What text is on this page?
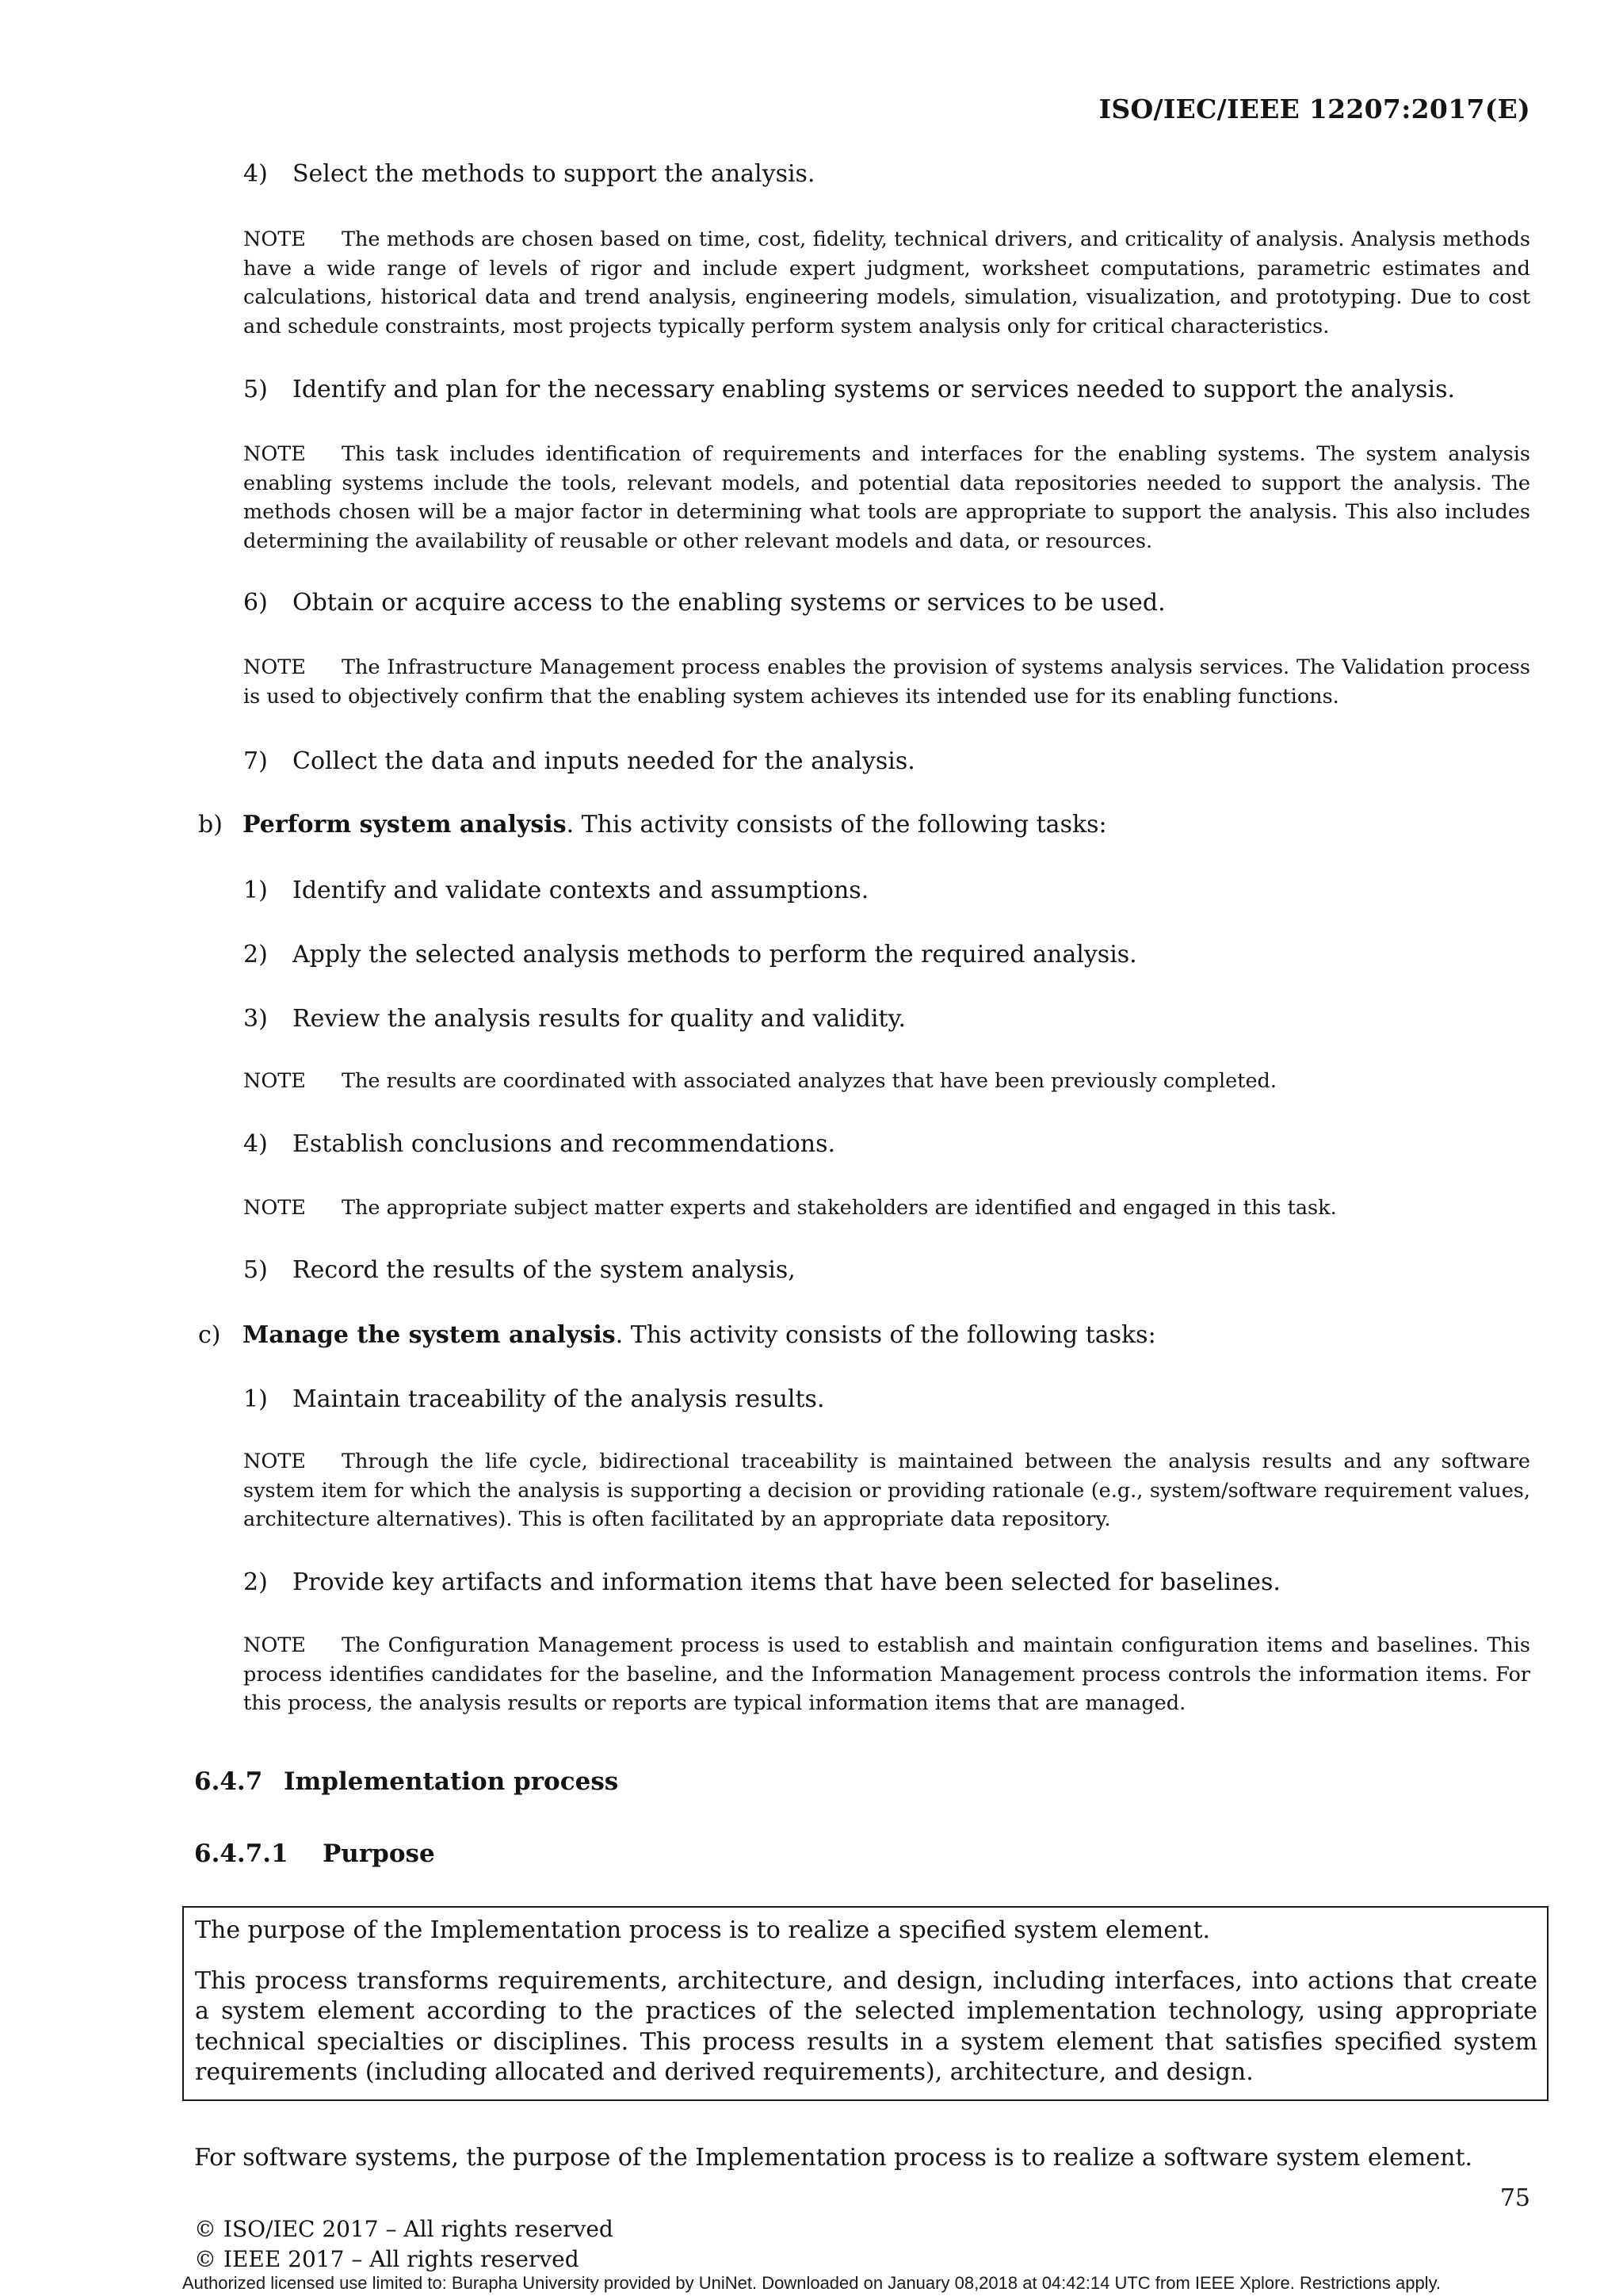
ISO/IEC/IEEE 12207:2017(E)
4) Select the methods to support the analysis.
NOTE The methods are chosen based on time, cost, fidelity, technical drivers, and criticality of analysis. Analysis methods have a wide range of levels of rigor and include expert judgment, worksheet computations, parametric estimates and calculations, historical data and trend analysis, engineering models, simulation, visualization, and prototyping. Due to cost and schedule constraints, most projects typically perform system analysis only for critical characteristics.
5) Identify and plan for the necessary enabling systems or services needed to support the analysis.
NOTE This task includes identification of requirements and interfaces for the enabling systems. The system analysis enabling systems include the tools, relevant models, and potential data repositories needed to support the analysis. The methods chosen will be a major factor in determining what tools are appropriate to support the analysis. This also includes determining the availability of reusable or other relevant models and data, or resources.
6) Obtain or acquire access to the enabling systems or services to be used.
NOTE The Infrastructure Management process enables the provision of systems analysis services. The Validation process is used to objectively confirm that the enabling system achieves its intended use for its enabling functions.
7) Collect the data and inputs needed for the analysis.
b) Perform system analysis. This activity consists of the following tasks:
1) Identify and validate contexts and assumptions.
2) Apply the selected analysis methods to perform the required analysis.
3) Review the analysis results for quality and validity.
NOTE The results are coordinated with associated analyzes that have been previously completed.
4) Establish conclusions and recommendations.
NOTE The appropriate subject matter experts and stakeholders are identified and engaged in this task.
5) Record the results of the system analysis,
c) Manage the system analysis. This activity consists of the following tasks:
1) Maintain traceability of the analysis results.
NOTE Through the life cycle, bidirectional traceability is maintained between the analysis results and any software system item for which the analysis is supporting a decision or providing rationale (e.g., system/software requirement values, architecture alternatives). This is often facilitated by an appropriate data repository.
2) Provide key artifacts and information items that have been selected for baselines.
NOTE The Configuration Management process is used to establish and maintain configuration items and baselines. This process identifies candidates for the baseline, and the Information Management process controls the information items. For this process, the analysis results or reports are typical information items that are managed.
6.4.7 Implementation process
6.4.7.1 Purpose

The purpose of the Implementation process is to realize a specified system element.

This process transforms requirements, architecture, and design, including interfaces, into actions that create a system element according to the practices of the selected implementation technology, using appropriate technical specialties or disciplines. This process results in a system element that satisfies specified system requirements (including allocated and derived requirements), architecture, and design.

For software systems, the purpose of the Implementation process is to realize a software system element.
75
© ISO/IEC 2017 – All rights reserved
© IEEE 2017 – All rights reserved
Authorized licensed use limited to: Burapha University provided by UniNet. Downloaded on January 08,2018 at 04:42:14 UTC from IEEE Xplore. Restrictions apply.
